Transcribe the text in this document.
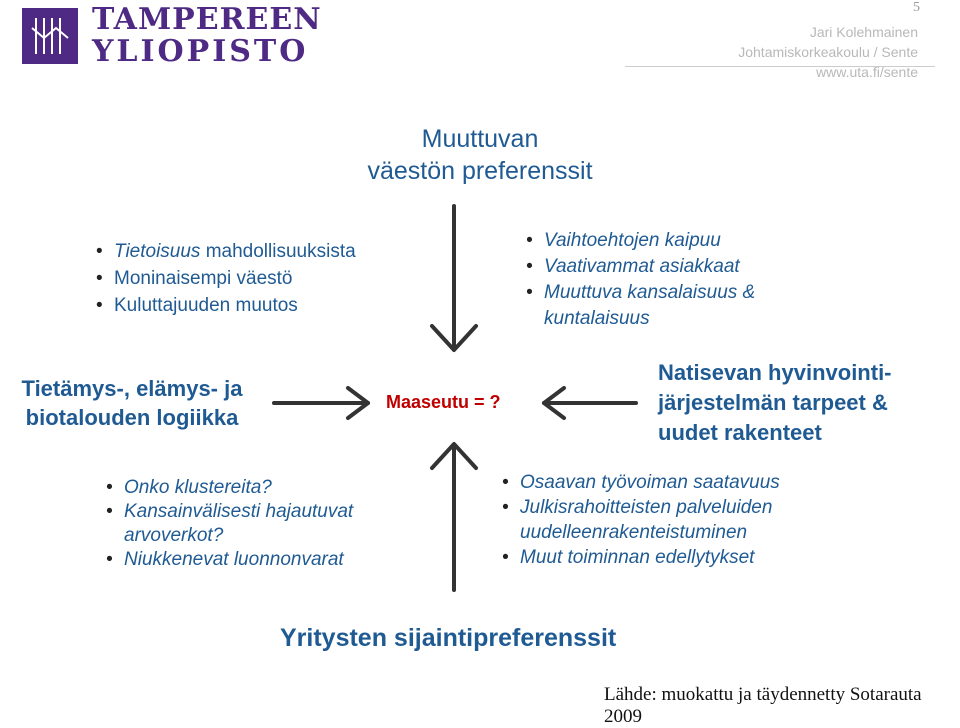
TAMPEREEN
YLIOPISTO
5
Jari Kolehmainen
Johtamiskorkeakoulu / Sente
www.uta.fi/sente
Muuttuvan
väestön preferenssit
• Tietoisuus mahdollisuuksista
• Moninaisempi väestö
• Kuluttajuuden muutos
• Vaihtoehtojen kaipuu
• Vaativammat asiakkaat
• Muuttuva kansalaisuus & kuntalaisuus
Tietämys-, elämys- ja
biotalouden logiikka
Maaseutu = ?
Natisevan hyvinvointi-
järjestelmän tarpeet &
uudet rakenteet
• Onko klustereita?
• Kansainvälisesti hajautuvat arvoverkot?
• Niukkenevat luonnonvarat
• Osaavan työvoiman saatavuus
• Julkisrahoitteisten palveluiden uudelleenrakenteistuminen
• Muut toiminnan edellytykset
Yritysten sijaintipreferenssit
Lähde: muokattu ja täydennetty Sotarauta 2009
